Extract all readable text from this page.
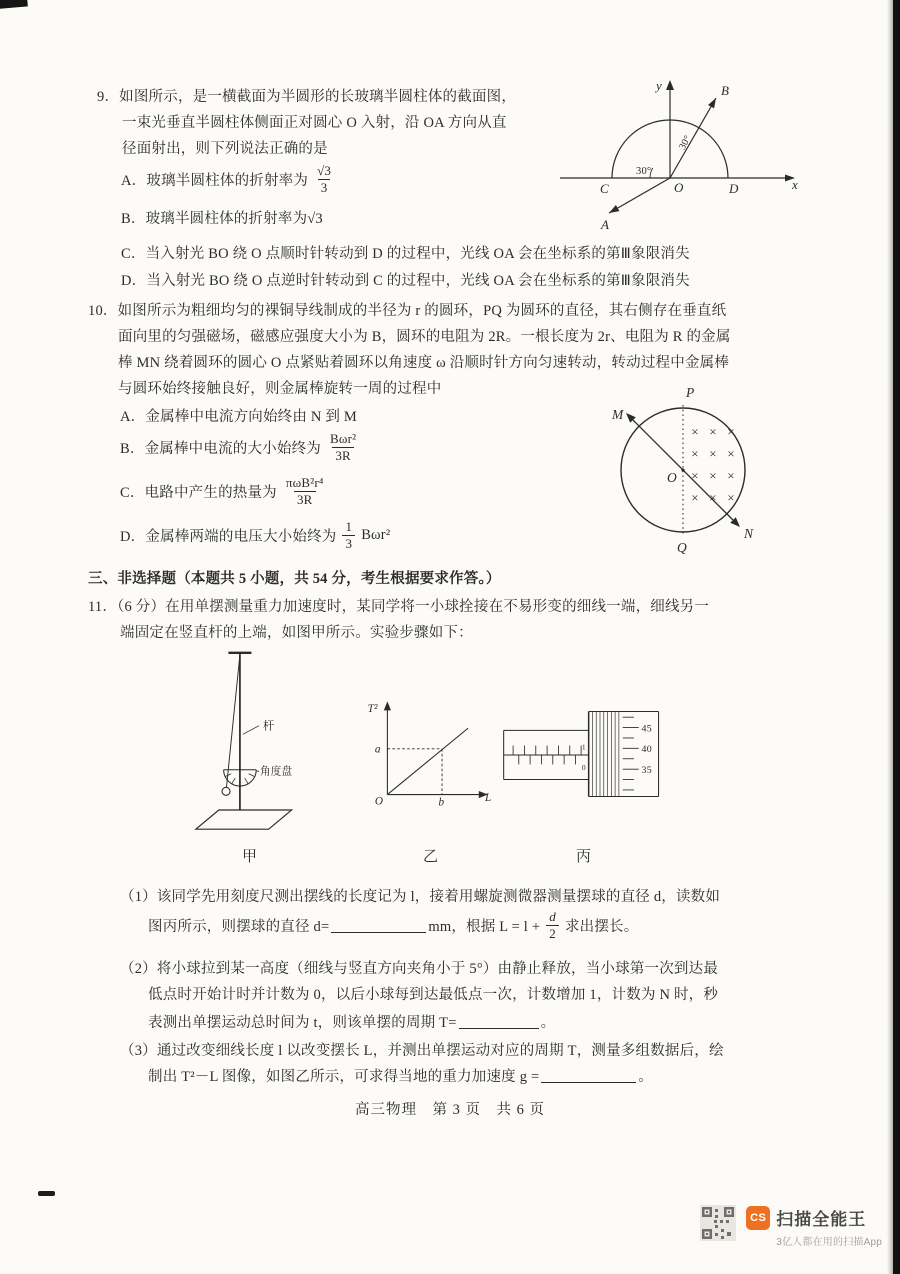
9．如图所示，是一横截面为半圆形的长玻璃半圆柱体的截面图，
一束光垂直半圆柱体侧面正对圆心 O 入射，沿 OA 方向从直
径面射出，则下列说法正确的是
A．玻璃半圆柱体的折射率为 $\frac{√3}{3}$
B．玻璃半圆柱体的折射率为√3
C．当入射光 BO 绕 O 点顺时针转动到 D 的过程中，光线 OA 会在坐标系的第Ⅲ象限消失
D．当入射光 BO 绕 O 点逆时针转动到 C 的过程中，光线 OA 会在坐标系的第Ⅲ象限消失
y
x
B
C	D
O
A
30°
30°
10．如图所示为粗细均匀的裸铜导线制成的半径为 r 的圆环，PQ 为圆环的直径，其右侧存在垂直纸
面向里的匀强磁场，磁感应强度大小为 B，圆环的电阻为 2R。一根长度为 2r、电阻为 R 的金属
棒 MN 绕着圆环的圆心 O 点紧贴着圆环以角速度 ω 沿顺时针方向匀速转动，转动过程中金属棒
与圆环始终接触良好，则金属棒旋转一周的过程中
A．金属棒中电流方向始终由 N 到 M
B．金属棒中电流的大小始终为 $\frac{\text{Bωr²}}{3R}$
C．电路中产生的热量为 $\frac{\text{πωB²r⁴}}{3R}$
D．金属棒两端的电压大小始终为 $\frac{1}{3} B\omega r^2$
P
M
O
N
Q
× × ×
× × ×
× × ×
× × ×
三、非选择题（本题共 5 小题，共 54 分，考生根据要求作答。）
11．（6 分）在用单摆测量重力加速度时，某同学将一小球拴接在不易形变的细线一端，细线另一
端固定在竖直杆的上端，如图甲所示。实验步骤如下：
杆
角度盘
T²
L
O
a
b
1
0
45
40
35
甲	乙	丙
（1）该同学先用刻度尺测出摆线的长度记为 l，接着用螺旋测微器测量摆球的直径 d，读数如
图丙所示，则摆球的直径 d=	mm，根据 $L = l + \frac{d}{2}$ 求出摆长。
（2）将小球拉到某一高度（细线与竖直方向夹角小于 5°）由静止释放，当小球第一次到达最
低点时开始计时并计数为 0，以后小球每到达最低点一次，计数增加 1，计数为 N 时，秒
表测出单摆运动总时间为 t，则该单摆的周期 T=	。
（3）通过改变细线长度 l 以改变摆长 L，并测出单摆运动对应的周期 T，测量多组数据后，绘
制出 T²－L 图像，如图乙所示，可求得当地的重力加速度 g =	。
高三物理　第 3 页　共 6 页
CS 扫描全能王
3亿人都在用的扫描App
